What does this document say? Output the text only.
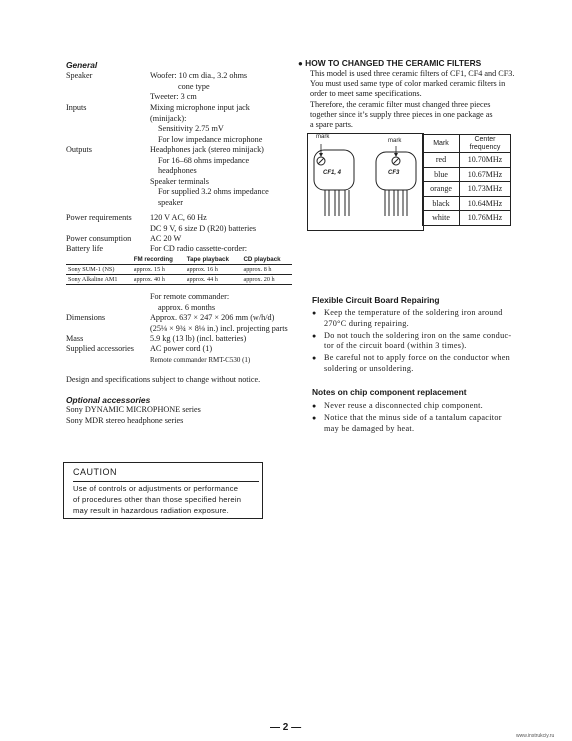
General
Speaker	Woofer: 10 cm dia., 3.2 ohms
cone type
Tweeter: 3 cm
Inputs	Mixing microphone input jack
(minijack):
Sensitivity 2.75 mV
For low impedance microphone
Outputs	Headphones jack (stereo minijack)
For 16–68 ohms impedance
headphones
Speaker terminals
For supplied 3.2 ohms impedance
speaker
Power requirements 120 V AC, 60 Hz
DC 9 V, 6 size D (R20) batteries
Power consumption AC 20 W
Battery life	For CD radio cassette-corder:
	FM recording	Tape playback	CD playback
Sony SUM-1 (NS)	approx. 15 h	approx. 16 h	approx. 8 h
Sony Alkaline AM1	approx. 40 h	approx. 44 h	approx. 20 h
For remote commander:
approx. 6 months
Dimensions	Approx. 637 × 247 × 206 mm (w/h/d)
(25⅛ × 9¾ × 8⅛ in.) incl. projecting parts
Mass	5.9 kg (13 lb) (incl. batteries)
Supplied accessories AC power cord (1)
Remote commander RMT-C530 (1)
Design and specifications subject to change without notice.
Optional accessories
Sony DYNAMIC MICROPHONE series
Sony MDR stereo headphone series
CAUTION
Use of controls or adjustments or performance
of procedures other than those specified herein
may result in hazardous radiation exposure.
● HOW TO CHANGED THE CERAMIC FILTERS
This model is used three ceramic filters of CF1, CF4 and CF3.
You must used same type of color marked ceramic filters in
order to meet same specifications.
Therefore, the ceramic filter must changed three pieces
together since it’s supply three pieces in one package as
a spare parts.
mark
mark
CF1, 4	CF3
Mark	Center
frequency

red	10.70MHz
blue	10.67MHz
orange	10.73MHz
black	10.64MHz
white	10.76MHz
Flexible Circuit Board Repairing
● Keep the temperature of the soldering iron around
270°C during repairing.
● Do not touch the soldering iron on the same conduc-
tor of the circuit board (within 3 times).
● Be careful not to apply force on the conductor when
soldering or unsoldering.
Notes on chip component replacement
● Never reuse a disconnected chip component.
● Notice that the minus side of a tantalum capacitor
may be damaged by heat.
— 2 —
www.instrukciy.ru
